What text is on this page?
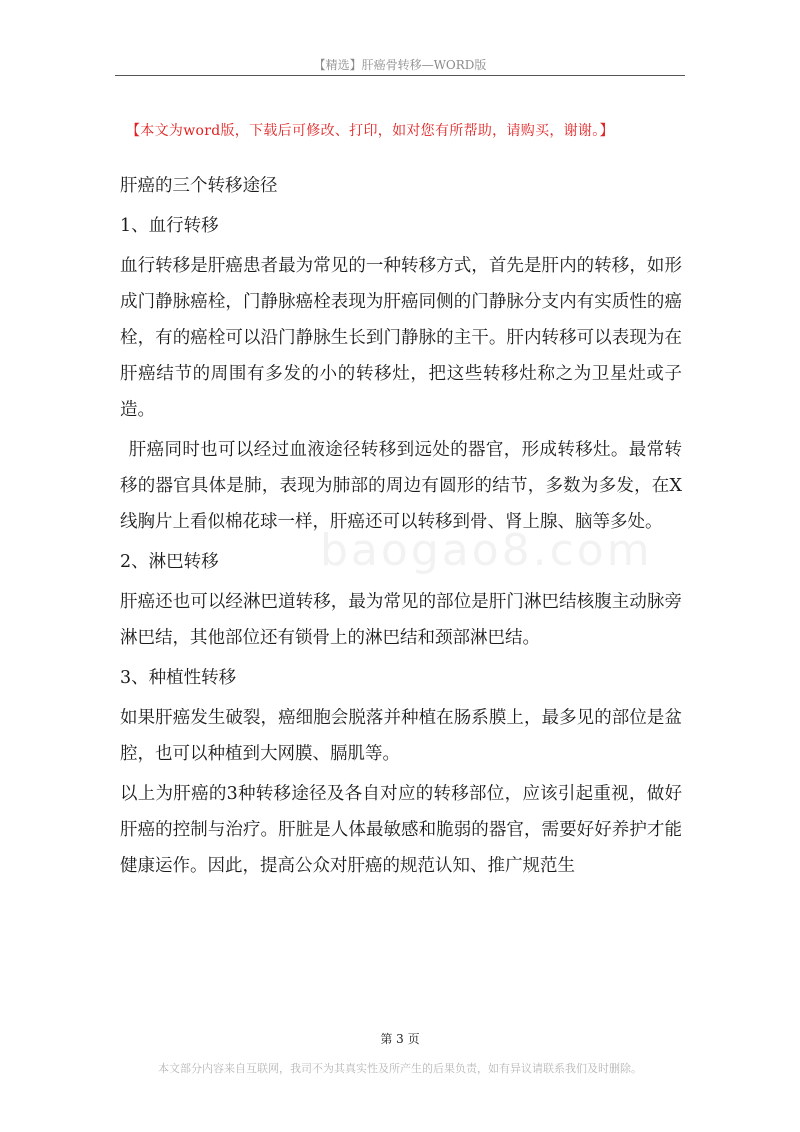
【精选】肝癌骨转移—WORD版
【本文为word版，下载后可修改、打印，如对您有所帮助，请购买，谢谢。】

肝癌的三个转移途径

1、血行转移

血行转移是肝癌患者最为常见的一种转移方式，首先是肝内的转移，如形成门静脉癌栓，门静脉癌栓表现为肝癌同侧的门静脉分支内有实质性的癌栓，有的癌栓可以沿门静脉生长到门静脉的主干。肝内转移可以表现为在肝癌结节的周围有多发的小的转移灶，把这些转移灶称之为卫星灶或子造。

肝癌同时也可以经过血液途径转移到远处的器官，形成转移灶。最常转移的器官具体是肺，表现为肺部的周边有圆形的结节，多数为多发，在X线胸片上看似棉花球一样，肝癌还可以转移到骨、肾上腺、脑等多处。

2、淋巴转移

肝癌还也可以经淋巴道转移，最为常见的部位是肝门淋巴结核腹主动脉旁淋巴结，其他部位还有锁骨上的淋巴结和颈部淋巴结。

3、种植性转移

如果肝癌发生破裂，癌细胞会脱落并种植在肠系膜上，最多见的部位是盆腔，也可以种植到大网膜、膈肌等。

以上为肝癌的3种转移途径及各自对应的转移部位，应该引起重视，做好肝癌的控制与治疗。肝脏是人体最敏感和脆弱的器官，需要好好养护才能健康运作。因此，提高公众对肝癌的规范认知、推广规范生

baogao8.com
第 3 页
本文部分内容来自互联网，我司不为其真实性及所产生的后果负责，如有异议请联系我们及时删除。
